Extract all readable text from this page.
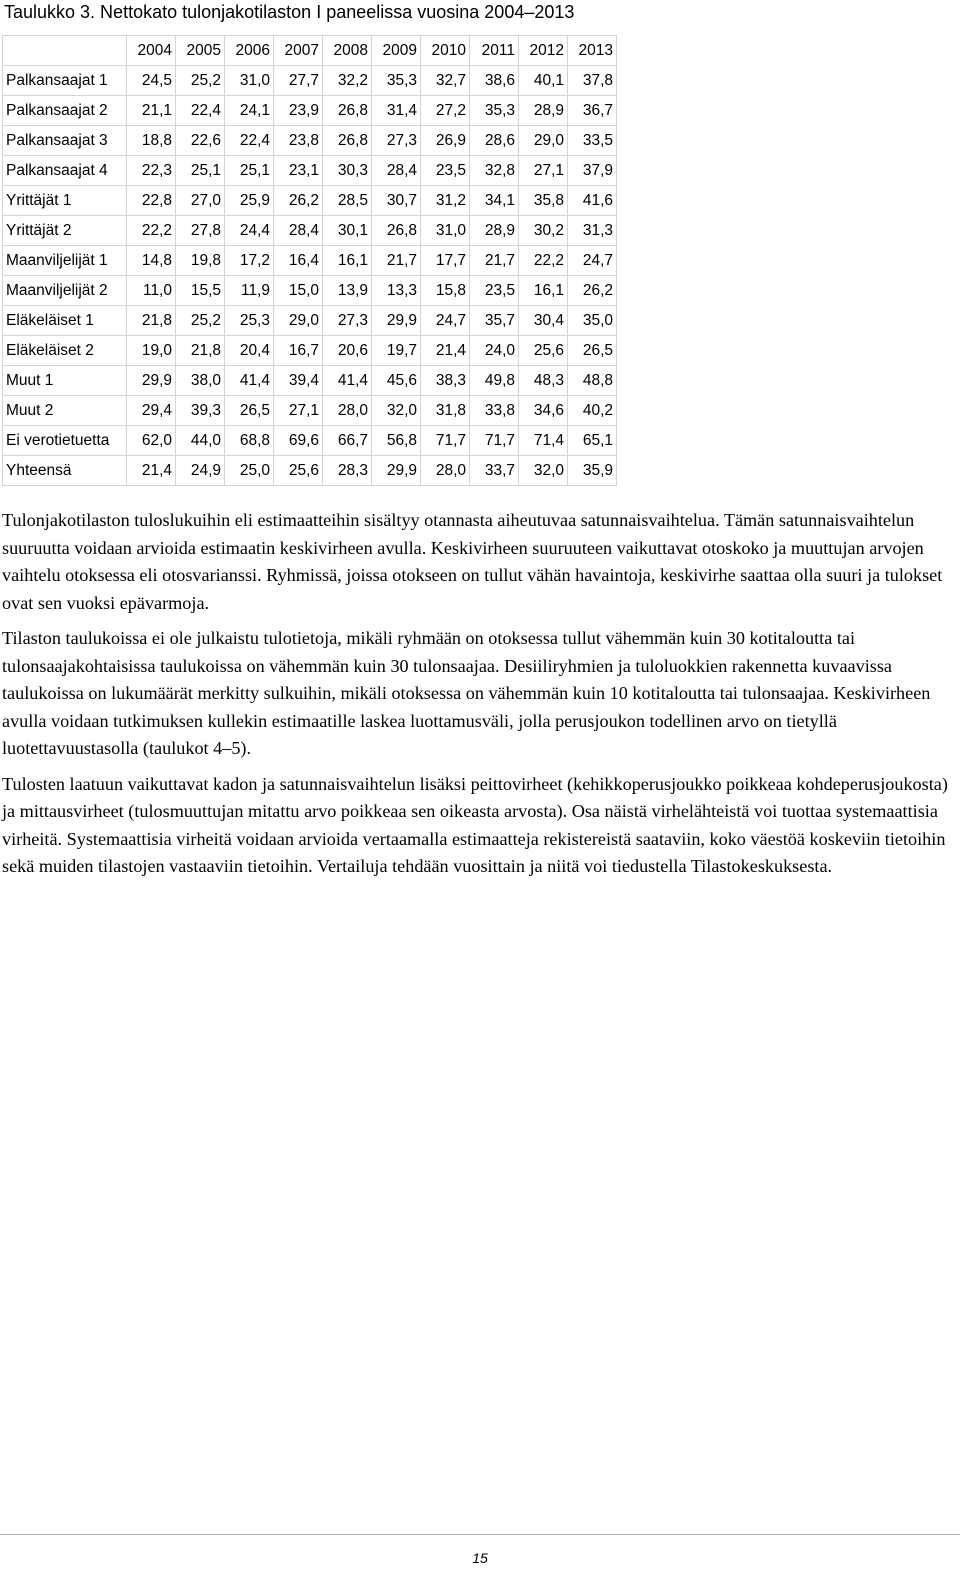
Taulukko 3. Nettokato tulonjakotilaston I paneelissa vuosina 2004–2013
	2004	2005	2006	2007	2008	2009	2010	2011	2012	2013
Palkansaajat 1	24,5	25,2	31,0	27,7	32,2	35,3	32,7	38,6	40,1	37,8
Palkansaajat 2	21,1	22,4	24,1	23,9	26,8	31,4	27,2	35,3	28,9	36,7
Palkansaajat 3	18,8	22,6	22,4	23,8	26,8	27,3	26,9	28,6	29,0	33,5
Palkansaajat 4	22,3	25,1	25,1	23,1	30,3	28,4	23,5	32,8	27,1	37,9
Yrittäjät 1	22,8	27,0	25,9	26,2	28,5	30,7	31,2	34,1	35,8	41,6
Yrittäjät 2	22,2	27,8	24,4	28,4	30,1	26,8	31,0	28,9	30,2	31,3
Maanviljelijät 1	14,8	19,8	17,2	16,4	16,1	21,7	17,7	21,7	22,2	24,7
Maanviljelijät 2	11,0	15,5	11,9	15,0	13,9	13,3	15,8	23,5	16,1	26,2
Eläkeläiset 1	21,8	25,2	25,3	29,0	27,3	29,9	24,7	35,7	30,4	35,0
Eläkeläiset 2	19,0	21,8	20,4	16,7	20,6	19,7	21,4	24,0	25,6	26,5
Muut 1	29,9	38,0	41,4	39,4	41,4	45,6	38,3	49,8	48,3	48,8
Muut 2	29,4	39,3	26,5	27,1	28,0	32,0	31,8	33,8	34,6	40,2
Ei verotietuetta	62,0	44,0	68,8	69,6	66,7	56,8	71,7	71,7	71,4	65,1
Yhteensä	21,4	24,9	25,0	25,6	28,3	29,9	28,0	33,7	32,0	35,9

Tulonjakotilaston tuloslukuihin eli estimaatteihin sisältyy otannasta aiheutuvaa satunnaisvaihtelua. Tämän satunnaisvaihtelun suuruutta voidaan arvioida estimaatin keskivirheen avulla. Keskivirheen suuruuteen vaikuttavat otoskoko ja muuttujan arvojen vaihtelu otoksessa eli otosvarianssi. Ryhmissä, joissa otokseen on tullut vähän havaintoja, keskivirhe saattaa olla suuri ja tulokset ovat sen vuoksi epävarmoja.

Tilaston taulukoissa ei ole julkaistu tulotietoja, mikäli ryhmään on otoksessa tullut vähemmän kuin 30 kotitaloutta tai tulonsaajakohtaisissa taulukoissa on vähemmän kuin 30 tulonsaajaa. Desiiliryhmien ja tuloluokkien rakennetta kuvaavissa taulukoissa on lukumäärät merkitty sulkuihin, mikäli otoksessa on vähemmän kuin 10 kotitaloutta tai tulonsaajaa. Keskivirheen avulla voidaan tutkimuksen kullekin estimaatille laskea luottamusväli, jolla perusjoukon todellinen arvo on tietyllä luotettavuustasolla (taulukot 4–5).

Tulosten laatuun vaikuttavat kadon ja satunnaisvaihtelun lisäksi peittovirheet (kehikkoperusjoukko poikkeaa kohdeperusjoukosta) ja mittausvirheet (tulosmuuttujan mitattu arvo poikkeaa sen oikeasta arvosta). Osa näistä virhelähteistä voi tuottaa systemaattisia virheitä. Systemaattisia virheitä voidaan arvioida vertaamalla estimaatteja rekistereistä saataviin, koko väestöä koskeviin tietoihin sekä muiden tilastojen vastaaviin tietoihin. Vertailuja tehdään vuosittain ja niitä voi tiedustella Tilastokeskuksesta.

15
